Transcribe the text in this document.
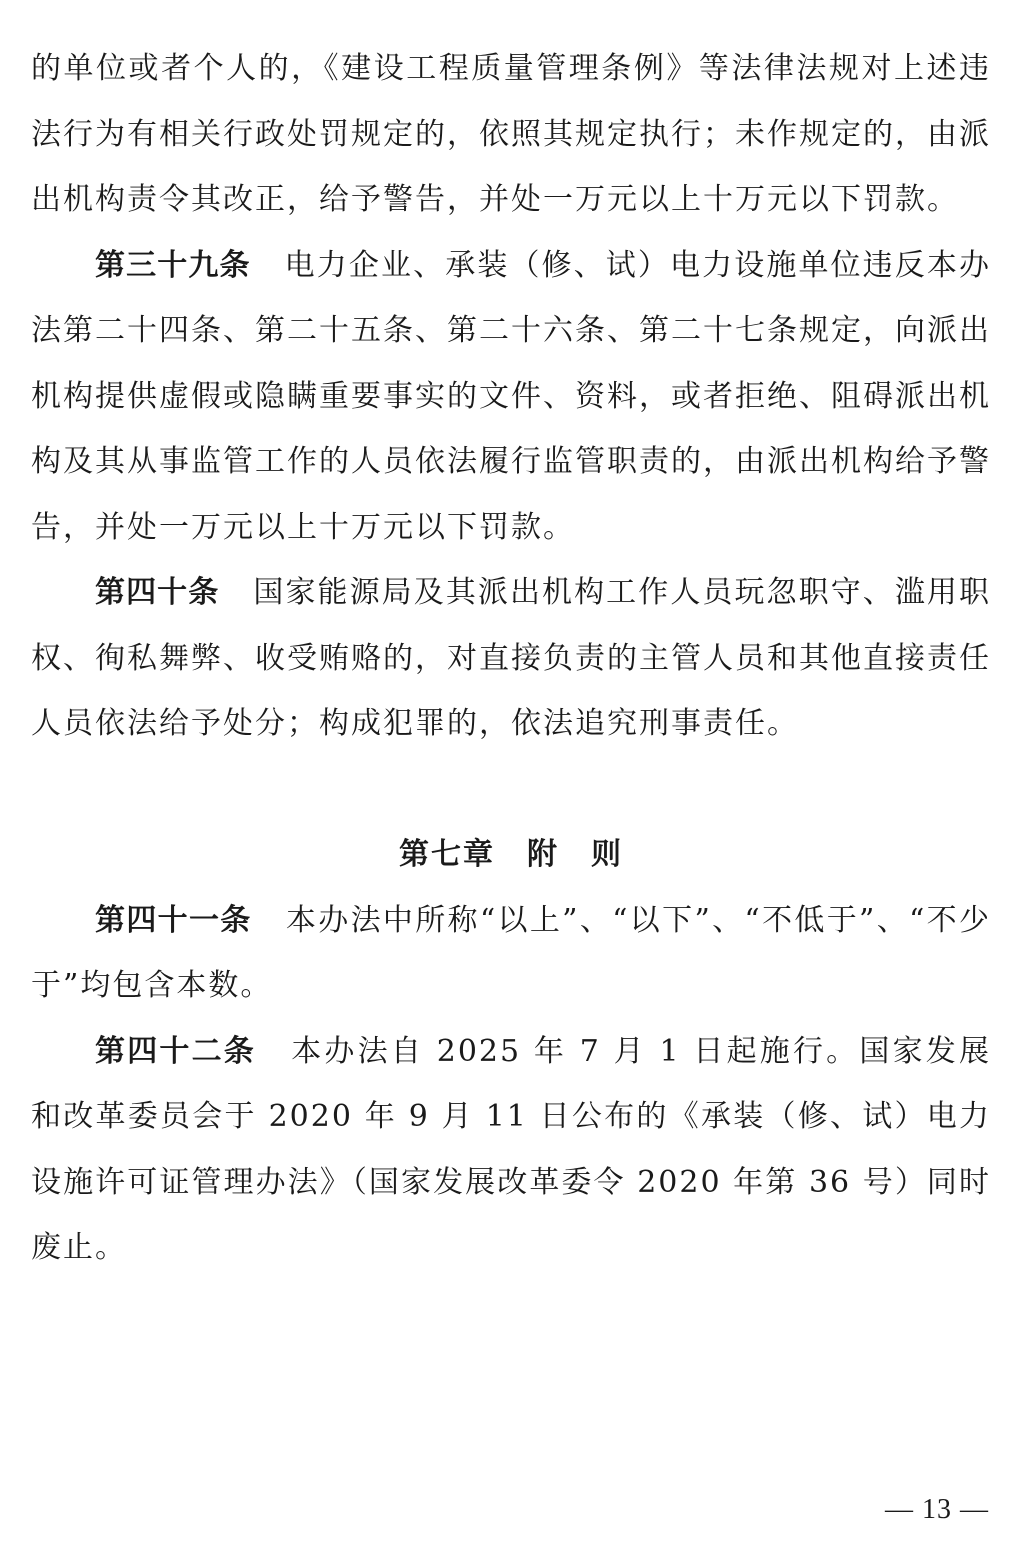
的单位或者个人的，《建设工程质量管理条例》等法律法规对上述违法行为有相关行政处罚规定的，依照其规定执行；未作规定的，由派出机构责令其改正，给予警告，并处一万元以上十万元以下罚款。

第三十九条 电力企业、承装（修、试）电力设施单位违反本办法第二十四条、第二十五条、第二十六条、第二十七条规定，向派出机构提供虚假或隐瞒重要事实的文件、资料，或者拒绝、阻碍派出机构及其从事监管工作的人员依法履行监管职责的，由派出机构给予警告，并处一万元以上十万元以下罚款。

第四十条 国家能源局及其派出机构工作人员玩忽职守、滥用职权、徇私舞弊、收受贿赂的，对直接负责的主管人员和其他直接责任人员依法给予处分；构成犯罪的，依法追究刑事责任。

第七章　附　则

第四十一条 本办法中所称“以上”、“以下”、“不低于”、“不少于”均包含本数。

第四十二条 本办法自 2025 年 7 月 1 日起施行。国家发展和改革委员会于 2020 年 9 月 11 日公布的《承装（修、试）电力设施许可证管理办法》（国家发展改革委令 2020 年第 36 号）同时废止。

— 13 —
